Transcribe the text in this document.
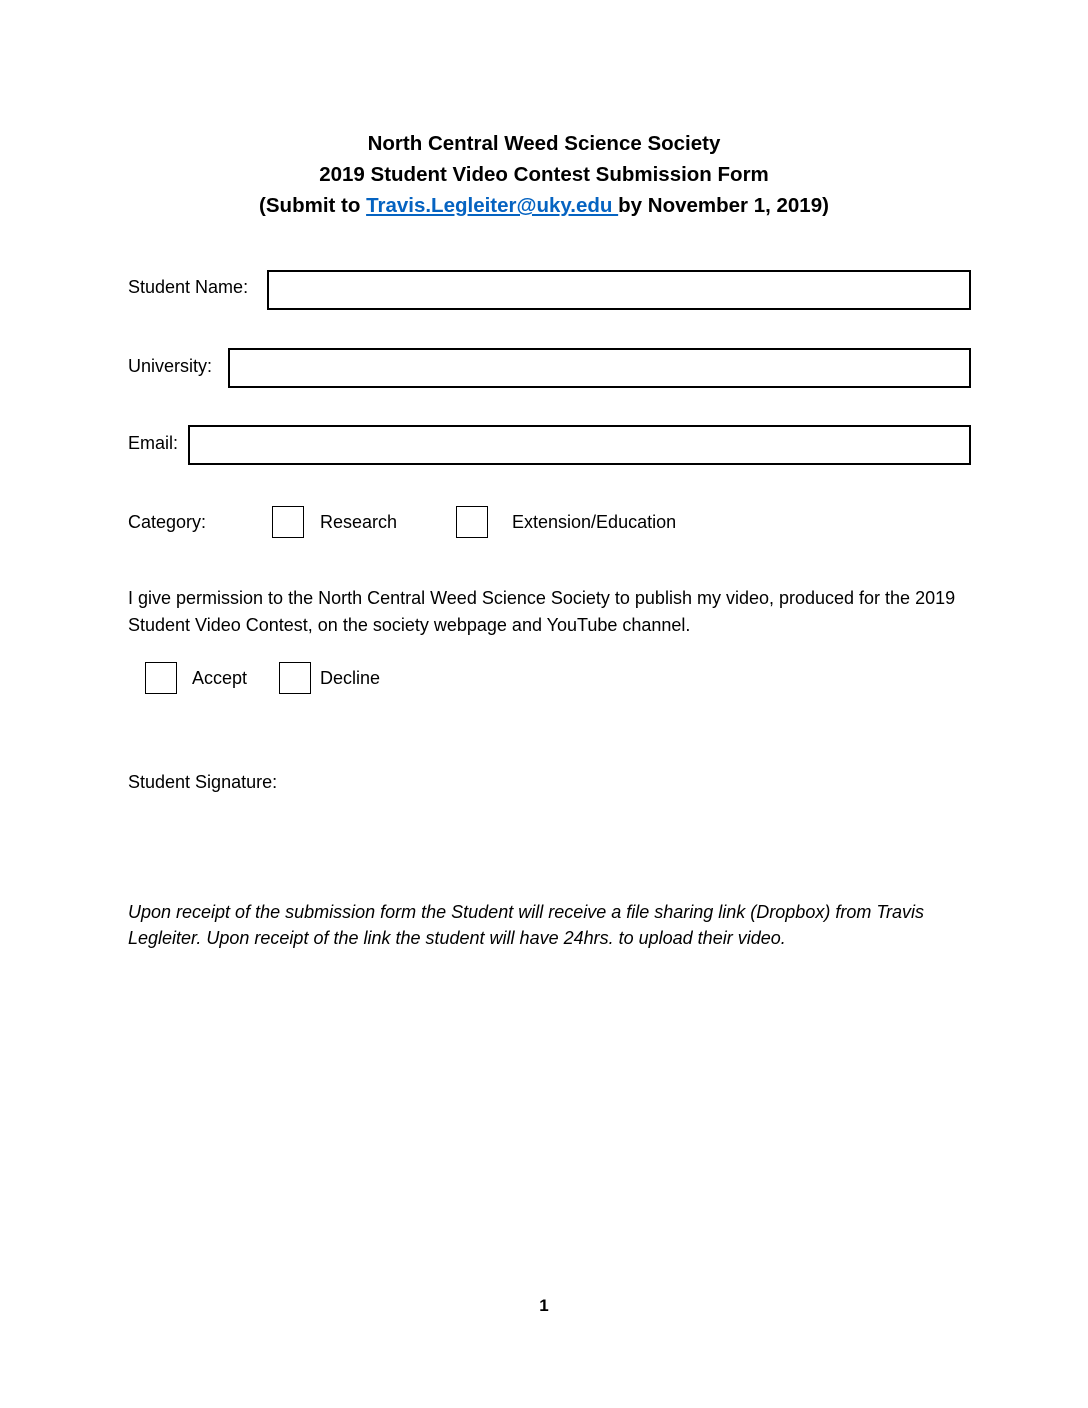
North Central Weed Science Society
2019 Student Video Contest Submission Form
(Submit to Travis.Legleiter@uky.edu by November 1, 2019)
Student Name:
University:
Email:
Category:	Research	Extension/Education
I give permission to the North Central Weed Science Society to publish my video, produced for the 2019 Student Video Contest, on the society webpage and YouTube channel.
Accept	Decline
Student Signature:
Upon receipt of the submission form the Student will receive a file sharing link (Dropbox) from Travis Legleiter. Upon receipt of the link the student will have 24hrs. to upload their video.
1
